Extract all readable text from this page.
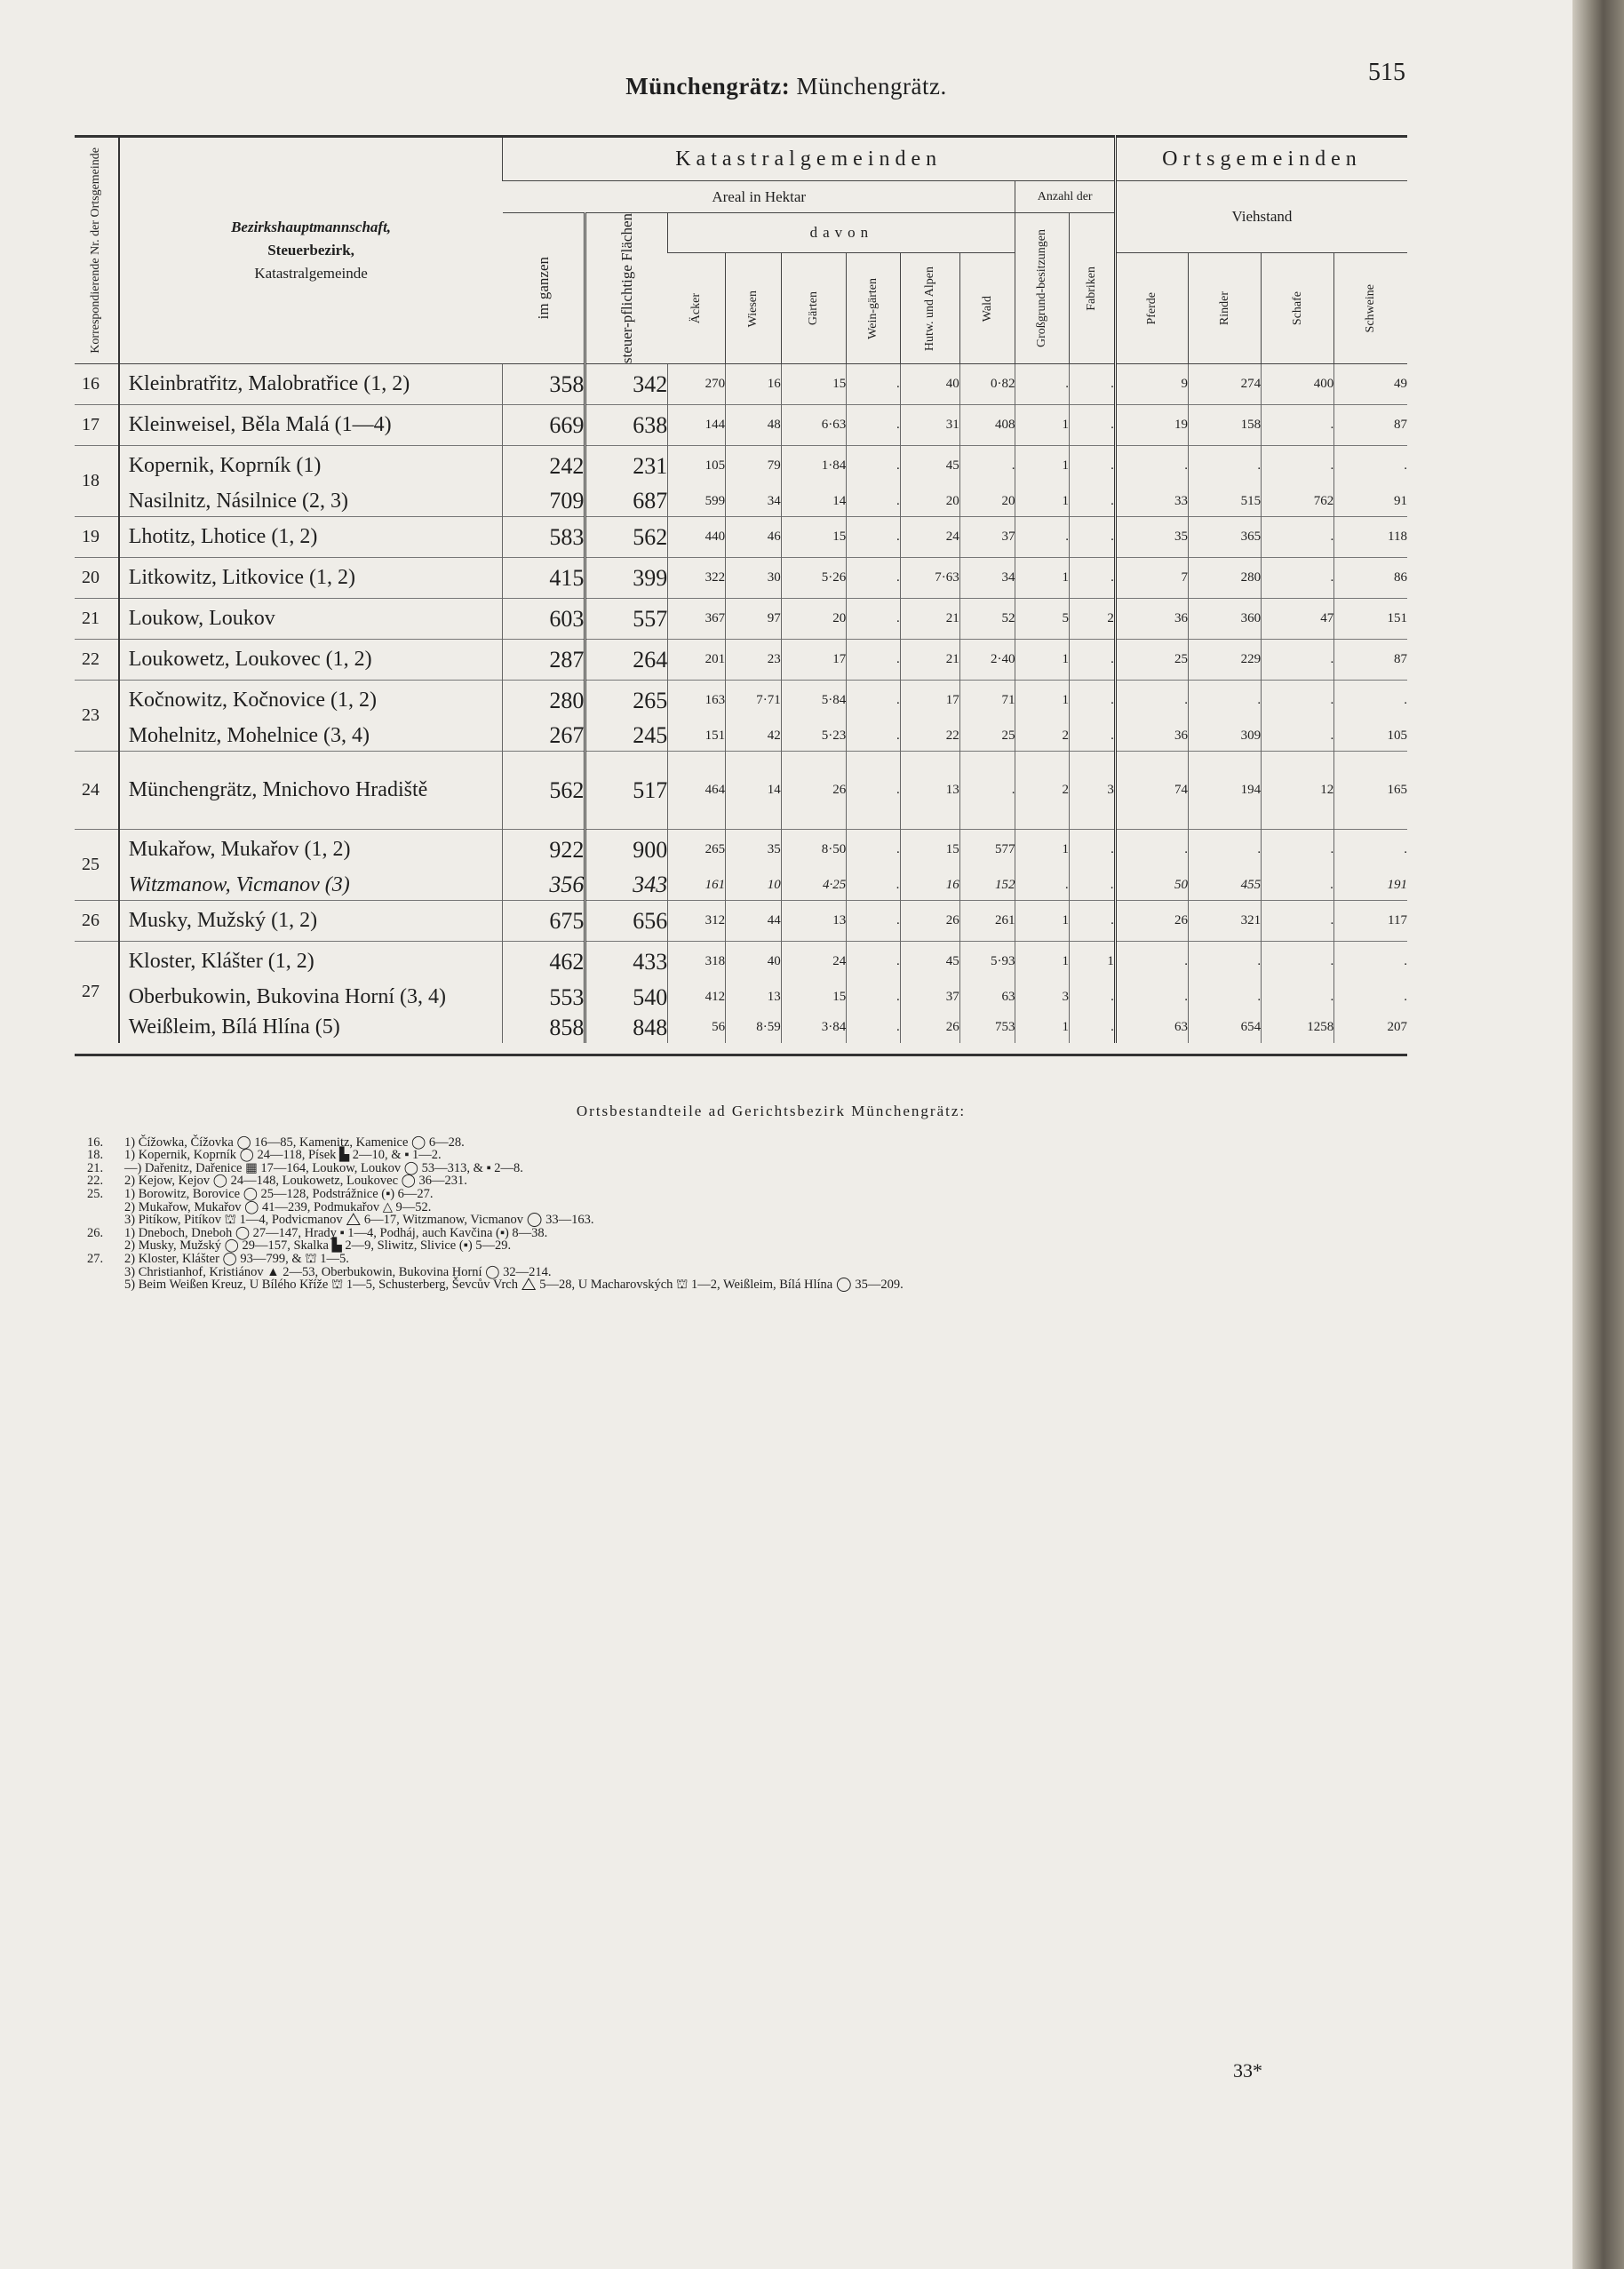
Münchengrätz: Münchengrätz.	515
Korrespondierende Nr. der Ortsgemeinde	Bezirkshauptmannschaft,
Steuerbezirk,
Katastralgemeinde	Katastralgemeinden										Ortsgemeinden			
		Areal in Hektar								Anzahl der		Viehstand			

		im ganzen	steuer-pflichtige Flächen	davon						Großgrund-besitzungen	Fabriken				

				Äcker	Wiesen	Gärten	Wein-gärten	Hutw. und Alpen	Wald			Pferde	Rinder	Schafe	Schweine

16	Kleinbratřitz, Malobratřice (1, 2)	358	342	270	16	15	.	40	0·82	.	.	9	274	400	49
17	Kleinweisel, Běla Malá (1—4)	669	638	144	48	6·63	.	31	408	1	.	19	158	.	87
18	Kopernik, Koprník (1)	242	231	105	79	1·84	.	45	.	1	.	.	.	.	.
	Nasilnitz, Násilnice (2, 3)	709	687	599	34	14	.	20	20	1	.	33	515	762	91
19	Lhotitz, Lhotice (1, 2)	583	562	440	46	15	.	24	37	.	.	35	365	.	118
20	Litkowitz, Litkovice (1, 2)	415	399	322	30	5·26	.	7·63	34	1	.	7	280	.	86
21	Loukow, Loukov	603	557	367	97	20	.	21	52	5	2	36	360	47	151
22	Loukowetz, Loukovec (1, 2)	287	264	201	23	17	.	21	2·40	1	.	25	229	.	87
23	Kočnowitz, Kočnovice (1, 2)	280	265	163	7·71	5·84	.	17	71	1	.	.	.	.	.
	Mohelnitz, Mohelnice (3, 4)	267	245	151	42	5·23	.	22	25	2	.	36	309	.	105
24	Münchengrätz, Mnichovo Hradiště	562	517	464	14	26	.	13	.	2	3	74	194	12	165
25	Mukařow, Mukařov (1, 2)	922	900	265	35	8·50	.	15	577	1	.	.	.	.	.
	Witzmanow, Vicmanov (3)	356	343	161	10	4·25	.	16	152	.	.	50	455	.	191
26	Musky, Mužský (1, 2)	675	656	312	44	13	.	26	261	1	.	26	321	.	117
27	Kloster, Klášter (1, 2)	462	433	318	40	24	.	45	5·93	1	1	.	.	.	.
	Oberbukowin, Bukovina Horní (3, 4)	553	540	412	13	15	.	37	63	3	.	.	.	.	.
	Weißleim, Bílá Hlína (5)	858	848	56	8·59	3·84	.	26	753	1	.	63	654	1258	207

Ortsbestandteile ad Gerichtsbezirk Münchengrätz:
16. 1) Čížowka, Čížovka ◯ 16—85, Kamenitz, Kamenice ◯ 6—28.
18. 1) Kopernik, Koprník ◯ 24—118, Písek ▙ 2—10, & ▪ 1—2.
21. —) Dařenitz, Dařenice ▦ 17—164, Loukow, Loukov ◯ 53—313, & ▪ 2—8.
22. 2) Kejow, Kejov ◯ 24—148, Loukowetz, Loukovec ◯ 36—231.
25. 1) Borowitz, Borovice ◯ 25—128, Podstrážnice (▪) 6—27.
2) Mukařow, Mukařov ◯ 41—239, Podmukařov △ 9—52.
3) Pitíkow, Pitíkov ⛫ 1—4, Podvicmanov △ 6—17, Witzmanow, Vicmanov ◯ 33—163.
26. 1) Dneboch, Dneboh ◯ 27—147, Hrady ▪ 1—4, Podháj, auch Kavčina (▪) 8—38.
2) Musky, Mužský ◯ 29—157, Skalka ▙ 2—9, Sliwitz, Slivice (▪) 5—29.
27. 2) Kloster, Klášter ◯ 93—799, & ⛫ 1—5.
3) Christianhof, Kristiánov ▲ 2—53, Oberbukowin, Bukovina Horní ◯ 32—214.
5) Beim Weißen Kreuz, U Bílého Kříže ⛫ 1—5, Schusterberg, Ševcův Vrch △ 5—28, U Macharovských ⛫ 1—2, Weißleim, Bílá Hlína ◯ 35—209.
33*
